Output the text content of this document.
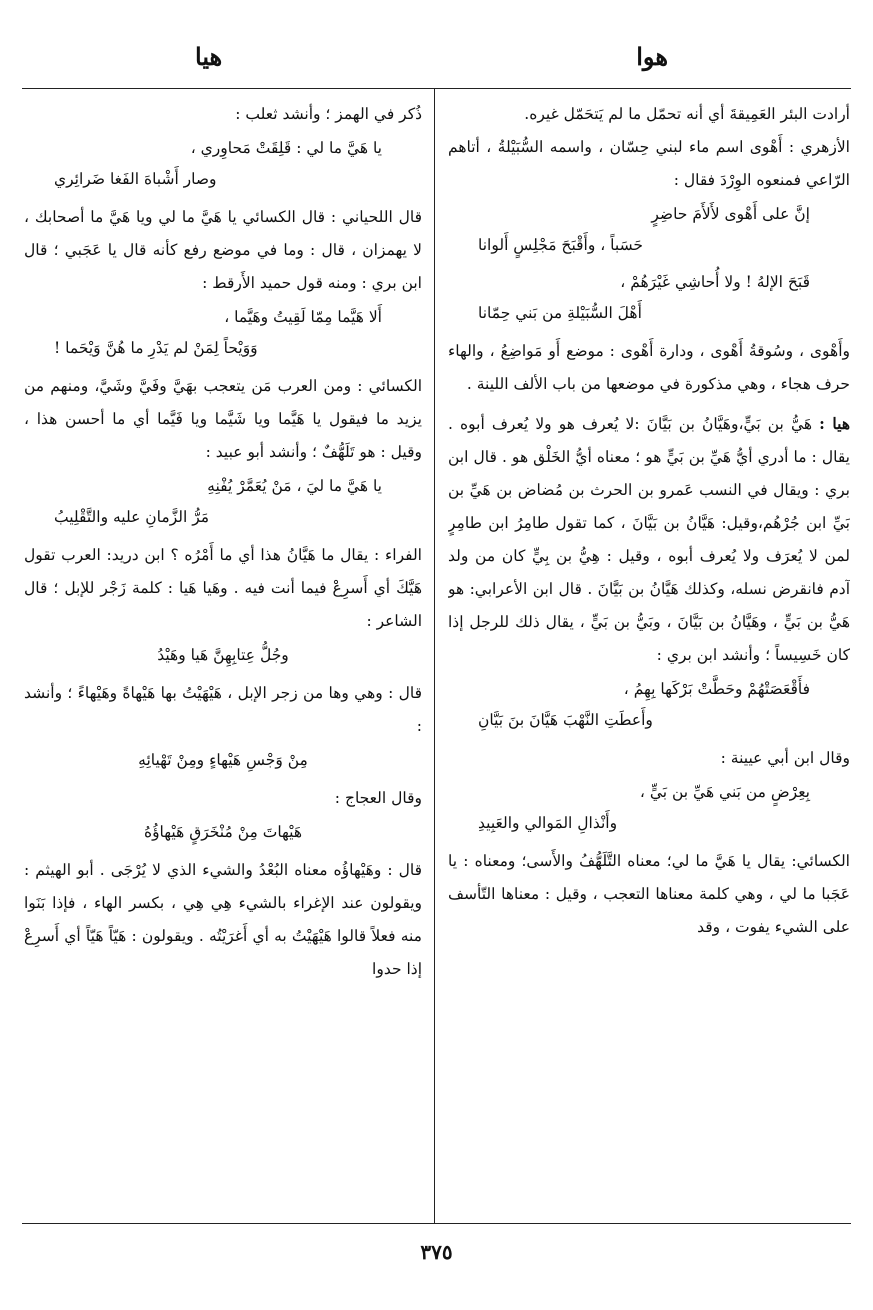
هوا
هيا

أرادت البئر العَمِيقةَ أي أنه تحمّل ما لم يَتحَمّل غيره.

الأزهري : أَهْوى اسم ماء لبني حِسّان ، واسمه السُّبَيْلةُ ، أتاهم الرّاعي فمنعوه الوِرْدَ فقال :

إنَّ على أَهْوى لأَلأَمَ حاضِرٍ
حَسَباً ، وأَقْبَحَ مَجْلِسٍ أَلوانا
قَبَحَ الإلهُ ! ولا أُحاشِي غَيْرَهُمْ ،
أَهْلَ السُّبَيْلةِ من بَني حِمّانا

وأَهْوى ، وسُوقةُ أَهْوى ، ودارة أَهْوى : موضع أَو مَواضِعُ ، والهاء حرف هجاء ، وهي مذكورة في موضعها من باب الألف اللينة .

هيا : هَيُّ بن بَيٍّ،وهَيَّانُ بن بَيَّانَ :لا يُعرف هو ولا يُعرف أبوه . يقال : ما أدري أيُّ هَيِّ بن بَيٍّ هو ؛ معناه أيُّ الخَلْق هو . قال ابن بري : ويقال في النسب عَمرو بن الحرث بن مُضاض بن هَيِّ بن بَيِّ ابن جُرْهُم،وقيل: هَيَّانُ بن بَيَّانَ ، كما تقول طامِرُ ابن طامِرٍ لمن لا يُعرَف ولا يُعرف أبوه ، وقيل : هِيُّ بن بِيٍّ كان من ولد آدم فانقرض نسله، وكذلك هَيَّانُ بن بَيَّانَ . قال ابن الأعرابي: هو هَيُّ بن بَيٍّ ، وهَيَّانُ بن بَيَّانَ ، وبَيُّ بن بَيٍّ ، يقال ذلك للرجل إذا كان خَسِيساً ؛ وأنشد ابن بري :

فأَقْعَصَتْهُمْ وحَطَّتْ بَرْكَها بِهِمُ ،
وأَعطَتِ النَّهْبَ هَيَّانَ بنَ بَيَّانِ

وقال ابن أبي عيينة :

بِعِرْضٍ من بَني هَيِّ بن بَيٍّ ،
وأَنْذالِ المَوالي والعَبِيدِ

الكسائي: يقال يا هَيَّ ما لي؛ معناه التَّلَهُّفُ والأَسى؛ ومعناه : يا عَجَبا ما لي ، وهي كلمة معناها التعجب ، وقيل : معناها التّأسف على الشيء يفوت ، وقد

ذُكر في الهمز ؛ وأنشد ثعلب :

يا هَيَّ ما لي : قَلِقَتْ مَحاوِري ،
وصار أَشْباهَ الفَغا ضَرائِري

قال اللحياني : قال الكسائي يا هَيَّ ما لي ويا هَيَّ ما أصحابك ، لا يهمزان ، قال : وما في موضع رفع كأنه قال يا عَجَبي ؛ قال ابن بري : ومنه قول حميد الأَرقط :

أَلا هَيَّما مِمّا لَقِيتُ وهَيَّما ،
وَوَيْحاً لِمَنْ لم يَدْرِ ما هُنَّ وَيْحَما !

الكسائي : ومن العرب مَن يتعجب بهَيَّ وفَيَّ وشَيَّ، ومنهم من يزيد ما فيقول يا هَيَّما ويا شَيَّما ويا فَيَّما أي ما أحسن هذا ، وقيل : هو تَلَهُّفٌ ؛ وأنشد أبو عبيد :

يا هَيَّ ما ليَ ، مَنْ يُعَمَّرْ يُفْنِهِ
مَرُّ الزَّمانِ عليه والتَّقْلِيبُ

الفراء : يقال ما هَيَّانُ هذا أي ما أَمْرُه ؟ ابن دريد: العرب تقول هَيَّكَ أي أَسرِعْ فيما أنت فيه . وهَيا هَيا : كلمة زَجْر للإبل ؛ قال الشاعر :

وجُلُّ عِتابِهِنَّ هَيا وهَيْدُ

قال : وهي وها من زجر الإبل ، هَيْهَيْتُ بها هَيْهاةً وهَيْهاءً ؛ وأنشد :

مِنْ وَجْسِ هَيْهاءٍ ومِنْ تَهْيائِهِ

وقال العجاج :

هَيْهاتَ مِنْ مُنْخَرَقٍ هَيْهاؤُهُ

قال : وهَيْهاؤُه معناه البُعْدُ والشيء الذي لا يُرْجَى . أبو الهيثم : ويقولون عند الإغراء بالشيء هِي هِي ، بكسر الهاء ، فإذا بَنَوا منه فعلاً قالوا هَيْهَيْتُ به أي أَغرَيْتُه . ويقولون : هَيّاً هَيّاً أي أَسرِعْ إذا حدوا

٣٧٥
